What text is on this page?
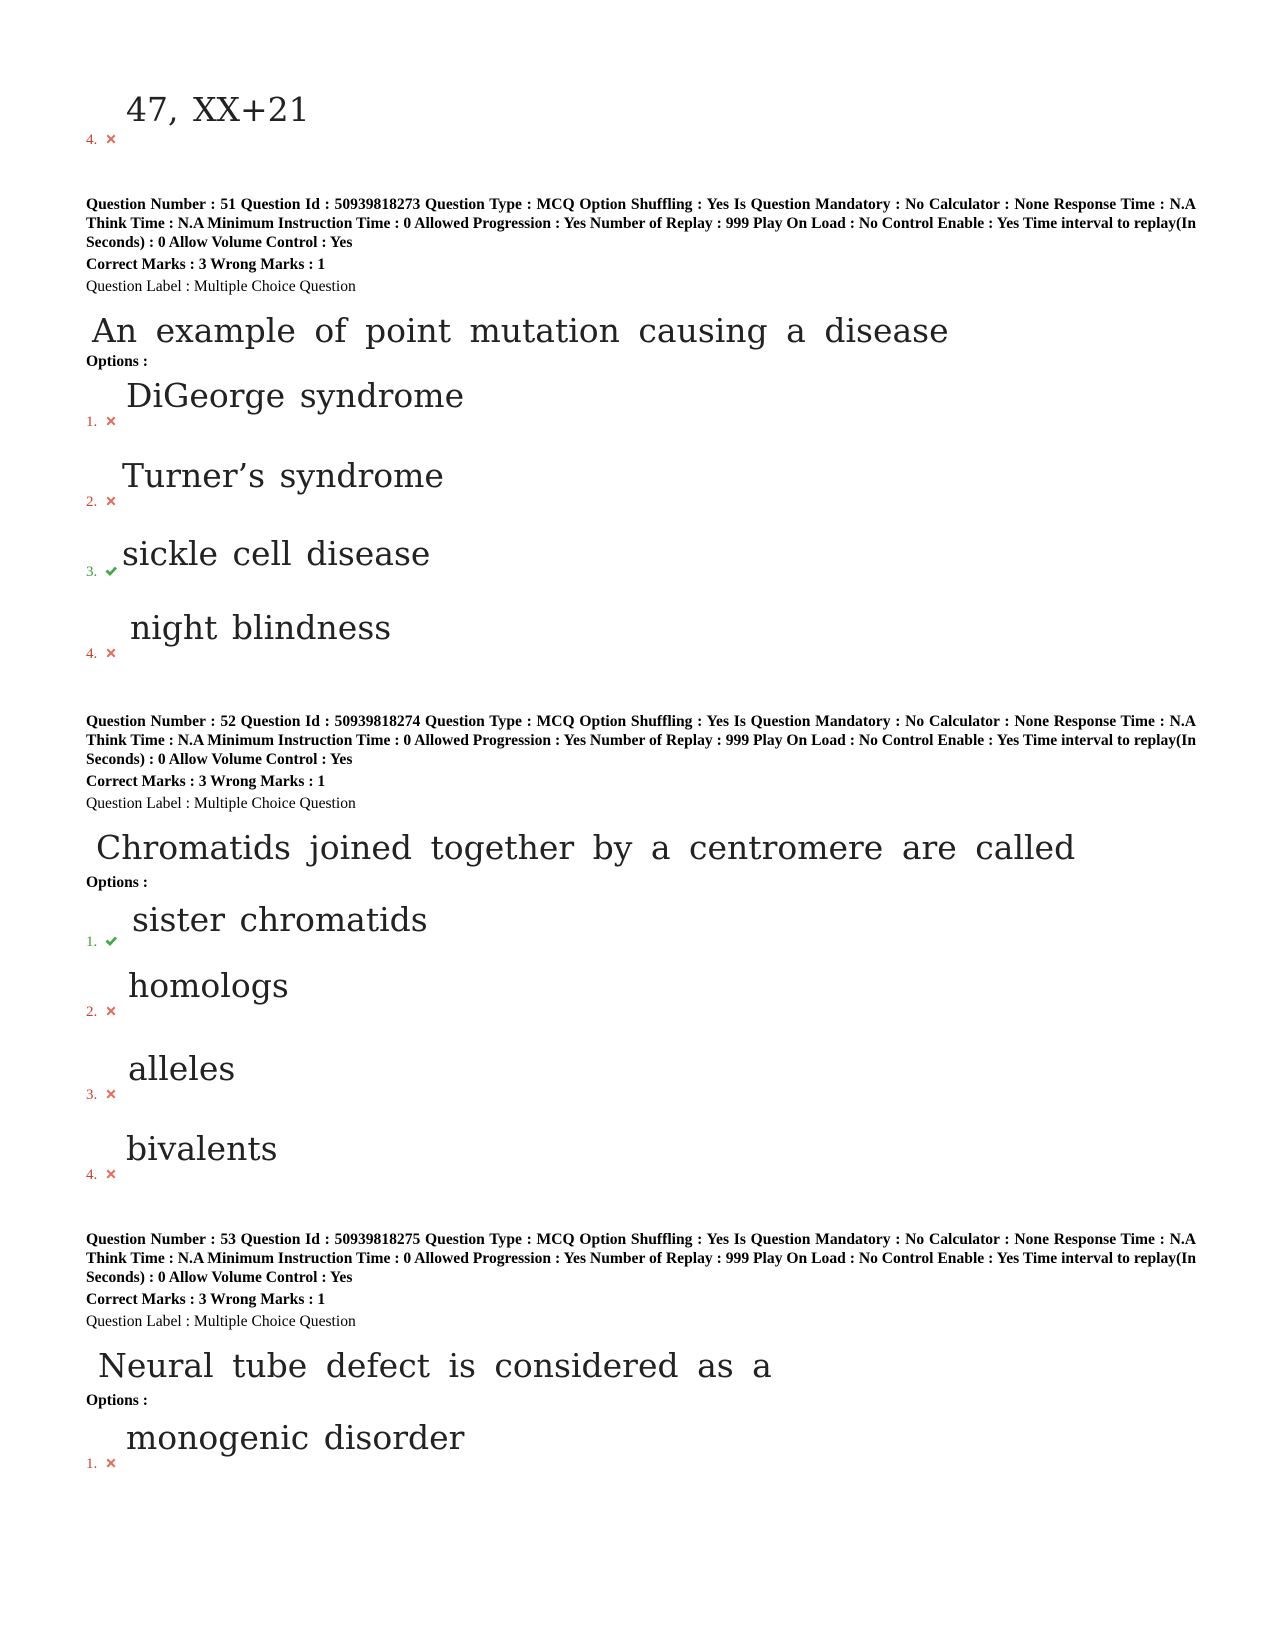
4.
47, XX+21

Question Number : 51 Question Id : 50939818273 Question Type : MCQ Option Shuffling : Yes Is Question Mandatory : No Calculator : None Response Time : N.A Think Time : N.A Minimum Instruction Time : 0 Allowed Progression : Yes Number of Replay : 999 Play On Load : No Control Enable : Yes Time interval to replay(In Seconds) : 0 Allow Volume Control : Yes

Correct Marks : 3 Wrong Marks : 1
Question Label : Multiple Choice Question
An example of point mutation causing a disease
Options :
1.
DiGeorge syndrome
2.
Turner’s syndrome
3. sickle cell disease
4.
night blindness

Question Number : 52 Question Id : 50939818274 Question Type : MCQ Option Shuffling : Yes Is Question Mandatory : No Calculator : None Response Time : N.A Think Time : N.A Minimum Instruction Time : 0 Allowed Progression : Yes Number of Replay : 999 Play On Load : No Control Enable : Yes Time interval to replay(In Seconds) : 0 Allow Volume Control : Yes

Correct Marks : 3 Wrong Marks : 1
Question Label : Multiple Choice Question
Chromatids joined together by a centromere are called
Options :
1.
sister chromatids
2.
homologs
3.
alleles
4.
bivalents

Question Number : 53 Question Id : 50939818275 Question Type : MCQ Option Shuffling : Yes Is Question Mandatory : No Calculator : None Response Time : N.A Think Time : N.A Minimum Instruction Time : 0 Allowed Progression : Yes Number of Replay : 999 Play On Load : No Control Enable : Yes Time interval to replay(In Seconds) : 0 Allow Volume Control : Yes

Correct Marks : 3 Wrong Marks : 1
Question Label : Multiple Choice Question
Neural tube defect is considered as a
Options :
1.
monogenic disorder
